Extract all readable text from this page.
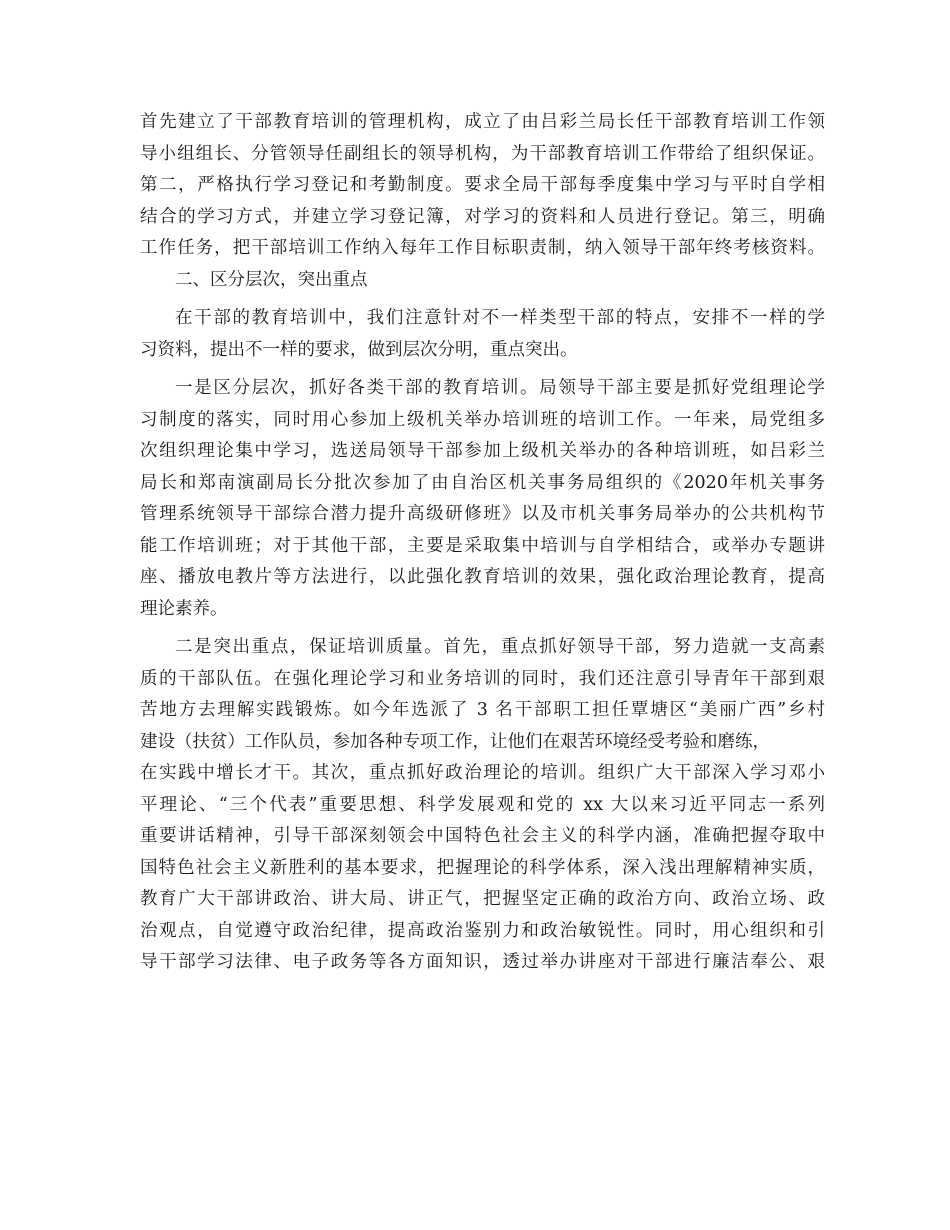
首先建立了干部教育培训的管理机构，成立了由吕彩兰局长任干部教育培训工作领
导小组组长、分管领导任副组长的领导机构，为干部教育培训工作带给了组织保证。
第二，严格执行学习登记和考勤制度。要求全局干部每季度集中学习与平时自学相
结合的学习方式，并建立学习登记簿，对学习的资料和人员进行登记。第三，明确
工作任务，把干部培训工作纳入每年工作目标职责制，纳入领导干部年终考核资料。
二、区分层次，突出重点
在干部的教育培训中，我们注意针对不一样类型干部的特点，安排不一样的学
习资料，提出不一样的要求，做到层次分明，重点突出。
一是区分层次，抓好各类干部的教育培训。局领导干部主要是抓好党组理论学
习制度的落实，同时用心参加上级机关举办培训班的培训工作。一年来，局党组多
次组织理论集中学习，选送局领导干部参加上级机关举办的各种培训班，如吕彩兰
局长和郑南演副局长分批次参加了由自治区机关事务局组织的《2020年机关事务
管理系统领导干部综合潜力提升高级研修班》以及市机关事务局举办的公共机构节
能工作培训班；对于其他干部，主要是采取集中培训与自学相结合，或举办专题讲
座、播放电教片等方法进行，以此强化教育培训的效果，强化政治理论教育，提高
理论素养。
二是突出重点，保证培训质量。首先，重点抓好领导干部，努力造就一支高素
质的干部队伍。在强化理论学习和业务培训的同时，我们还注意引导青年干部到艰
苦地方去理解实践锻炼。如今年选派了 3 名干部职工担任覃塘区“美丽广西”乡村
建设（扶贫）工作队员，参加各种专项工作，让他们在艰苦环境经受考验和磨练，
在实践中增长才干。其次，重点抓好政治理论的培训。组织广大干部深入学习邓小
平理论、“三个代表”重要思想、科学发展观和党的 xx 大以来习近平同志一系列
重要讲话精神，引导干部深刻领会中国特色社会主义的科学内涵，准确把握夺取中
国特色社会主义新胜利的基本要求，把握理论的科学体系，深入浅出理解精神实质，
教育广大干部讲政治、讲大局、讲正气，把握坚定正确的政治方向、政治立场、政
治观点，自觉遵守政治纪律，提高政治鉴别力和政治敏锐性。同时，用心组织和引
导干部学习法律、电子政务等各方面知识，透过举办讲座对干部进行廉洁奉公、艰
